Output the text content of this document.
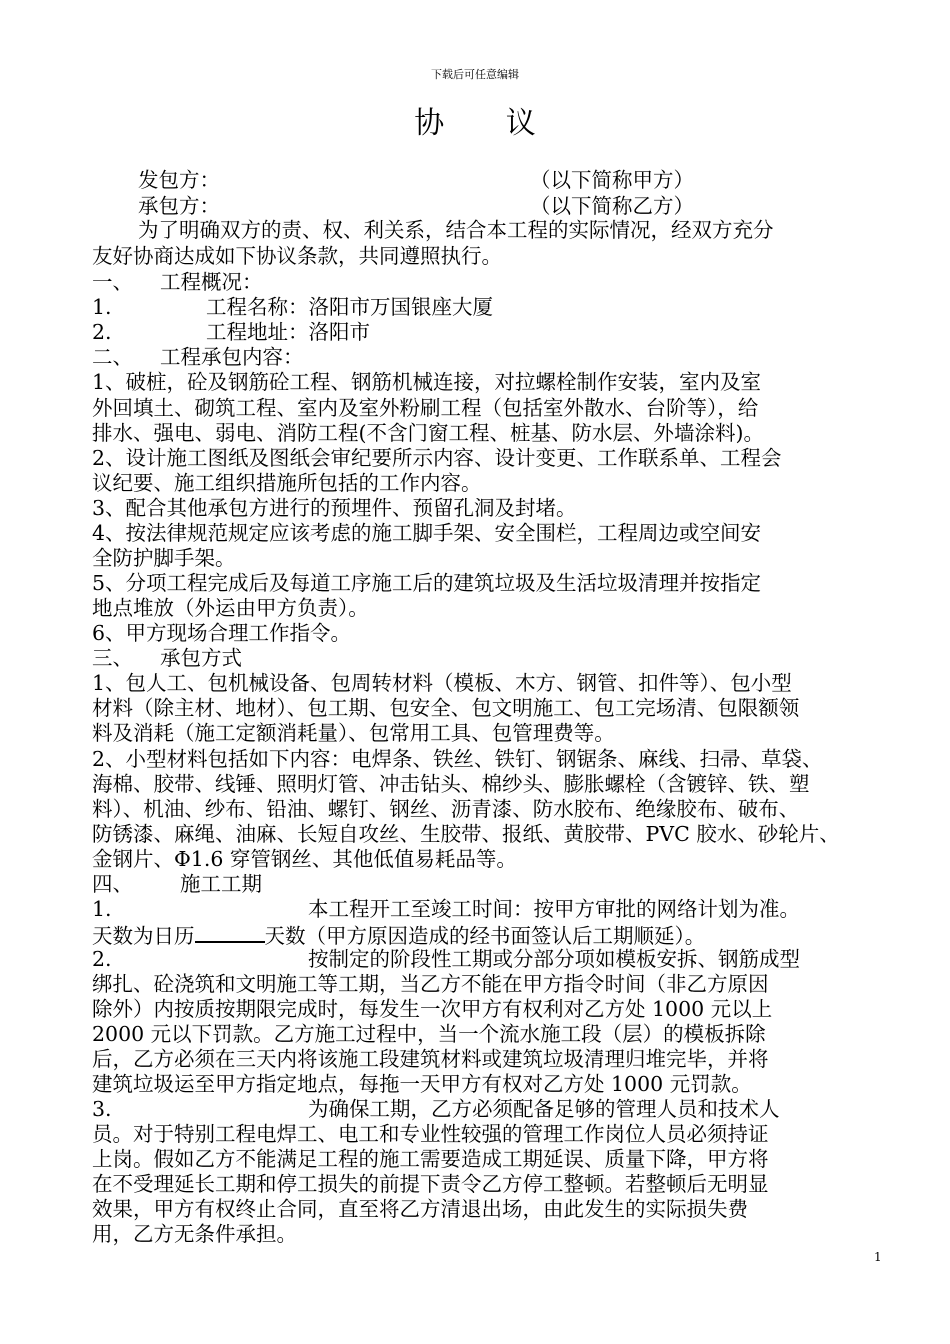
下载后可任意编辑
协 议
发包方：	（以下简称甲方）
承包方：	（以下简称乙方）
为了明确双方的责、权、利关系，结合本工程的实际情况，经双方充分
友好协商达成如下协议条款，共同遵照执行。
一、 工程概况：
1.	工程名称：洛阳市万国银座大厦
2.	工程地址：洛阳市
二、 工程承包内容：
1、破桩，砼及钢筋砼工程、钢筋机械连接，对拉螺栓制作安装，室内及室
外回填土、砌筑工程、室内及室外粉刷工程（包括室外散水、台阶等），给
排水、强电、弱电、消防工程(不含门窗工程、桩基、防水层、外墙涂料)。
2、设计施工图纸及图纸会审纪要所示内容、设计变更、工作联系单、工程会
议纪要、施工组织措施所包括的工作内容。
3、配合其他承包方进行的预埋件、预留孔洞及封堵。
4、按法律规范规定应该考虑的施工脚手架、安全围栏，工程周边或空间安
全防护脚手架。
5、分项工程完成后及每道工序施工后的建筑垃圾及生活垃圾清理并按指定
地点堆放（外运由甲方负责）。
6、甲方现场合理工作指令。
三、 承包方式
1、包人工、包机械设备、包周转材料（模板、木方、钢管、扣件等）、包小型
材料（除主材、地材）、包工期、包安全、包文明施工、包工完场清、包限额领
料及消耗（施工定额消耗量）、包常用工具、包管理费等。
2、小型材料包括如下内容：电焊条、铁丝、铁钉、钢锯条、麻线、扫帚、草袋、
海棉、胶带、线锤、照明灯管、冲击钻头、棉纱头、膨胀螺栓（含镀锌、铁、塑
料）、机油、纱布、铅油、螺钉、钢丝、沥青漆、防水胶布、绝缘胶布、破布、
防锈漆、麻绳、油麻、长短自攻丝、生胶带、报纸、黄胶带、PVC 胶水、砂轮片、
金钢片、Φ1.6 穿管钢丝、其他低值易耗品等。
四、 施工工期
1.	本工程开工至竣工时间：按甲方审批的网络计划为准。
天数为日历	天数（甲方原因造成的经书面签认后工期顺延）。
2.	按制定的阶段性工期或分部分项如模板安拆、钢筋成型
绑扎、砼浇筑和文明施工等工期，当乙方不能在甲方指令时间（非乙方原因
除外）内按质按期限完成时，每发生一次甲方有权利对乙方处 1000 元以上
2000 元以下罚款。乙方施工过程中，当一个流水施工段（层）的模板拆除
后，乙方必须在三天内将该施工段建筑材料或建筑垃圾清理归堆完毕，并将
建筑垃圾运至甲方指定地点，每拖一天甲方有权对乙方处 1000 元罚款。
3.	为确保工期，乙方必须配备足够的管理人员和技术人
员。对于特别工程电焊工、电工和专业性较强的管理工作岗位人员必须持证
上岗。假如乙方不能满足工程的施工需要造成工期延误、质量下降，甲方将
在不受理延长工期和停工损失的前提下责令乙方停工整顿。若整顿后无明显
效果，甲方有权终止合同，直至将乙方清退出场，由此发生的实际损失费
用，乙方无条件承担。
1
